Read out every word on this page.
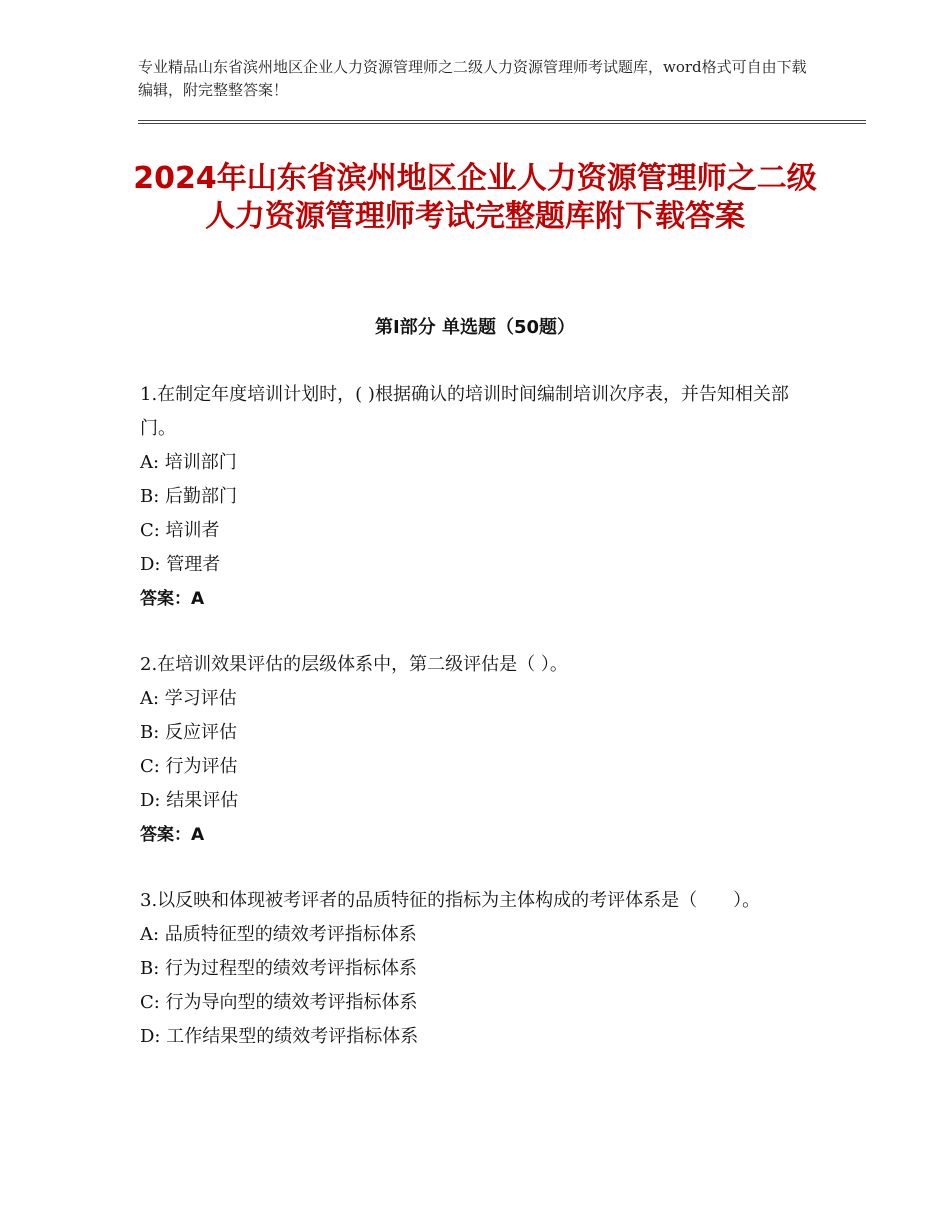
专业精品山东省滨州地区企业人力资源管理师之二级人力资源管理师考试题库，word格式可自由下载编辑，附完整整答案！
2024年山东省滨州地区企业人力资源管理师之二级人力资源管理师考试完整题库附下载答案
第Ⅰ部分 单选题（50题）

1.在制定年度培训计划时，( )根据确认的培训时间编制培训次序表，并告知相关部门。

A: 培训部门

B: 后勤部门

C: 培训者

D: 管理者

答案：A

2.在培训效果评估的层级体系中，第二级评估是（ ）。

A: 学习评估

B: 反应评估

C: 行为评估

D: 结果评估

答案：A

3.以反映和体现被考评者的品质特征的指标为主体构成的考评体系是（　　）。

A: 品质特征型的绩效考评指标体系

B: 行为过程型的绩效考评指标体系

C: 行为导向型的绩效考评指标体系

D: 工作结果型的绩效考评指标体系
